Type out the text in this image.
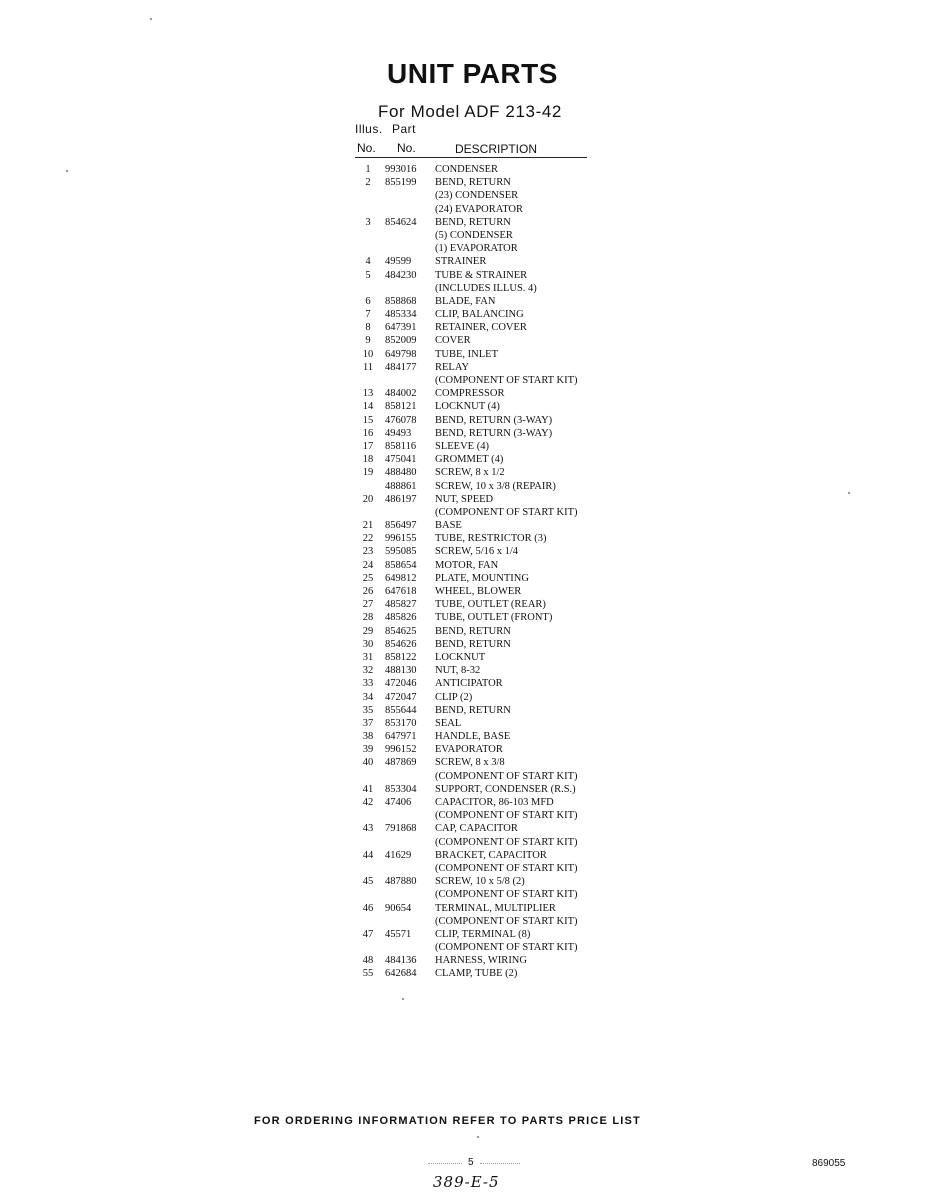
UNIT PARTS
For Model ADF 213-42
Illus. Part
No. No.	DESCRIPTION
1	993016 CONDENSER
2	855199 BEND, RETURN
(23) CONDENSER
(24) EVAPORATOR
3	854624 BEND, RETURN
(5) CONDENSER
(1) EVAPORATOR
4	49599 STRAINER
5	484230 TUBE & STRAINER
(INCLUDES ILLUS. 4)
6	858868 BLADE, FAN
7	485334 CLIP, BALANCING
8	647391 RETAINER, COVER
9	852009 COVER
10	649798 TUBE, INLET
11	484177 RELAY
(COMPONENT OF START KIT)
13	484002 COMPRESSOR
14	858121 LOCKNUT (4)
15	476078 BEND, RETURN (3-WAY)
16	49493 BEND, RETURN (3-WAY)
17	858116 SLEEVE (4)
18	475041 GROMMET (4)
19	488480 SCREW, 8 x 1/2
488861 SCREW, 10 x 3/8 (REPAIR)
20	486197 NUT, SPEED
(COMPONENT OF START KIT)
21	856497 BASE
22	996155 TUBE, RESTRICTOR (3)
23	595085 SCREW, 5/16 x 1/4
24	858654 MOTOR, FAN
25	649812 PLATE, MOUNTING
26	647618 WHEEL, BLOWER
27	485827 TUBE, OUTLET (REAR)
28	485826 TUBE, OUTLET (FRONT)
29	854625 BEND, RETURN
30	854626 BEND, RETURN
31	858122 LOCKNUT
32	488130 NUT, 8-32
33	472046 ANTICIPATOR
34	472047 CLIP (2)
35	855644 BEND, RETURN
37	853170 SEAL
38	647971 HANDLE, BASE
39	996152 EVAPORATOR
40	487869 SCREW, 8 x 3/8
(COMPONENT OF START KIT)
41	853304 SUPPORT, CONDENSER (R.S.)
42	47406 CAPACITOR, 86-103 MFD
(COMPONENT OF START KIT)
43	791868 CAP, CAPACITOR
(COMPONENT OF START KIT)
44	41629 BRACKET, CAPACITOR
(COMPONENT OF START KIT)
45	487880 SCREW, 10 x 5/8 (2)
(COMPONENT OF START KIT)
46	90654 TERMINAL, MULTIPLIER
(COMPONENT OF START KIT)
47	45571 CLIP, TERMINAL (8)
(COMPONENT OF START KIT)
48	484136 HARNESS, WIRING
55	642684 CLAMP, TUBE (2)
FOR ORDERING INFORMATION REFER TO PARTS PRICE LIST
5	869055
389-E-5
